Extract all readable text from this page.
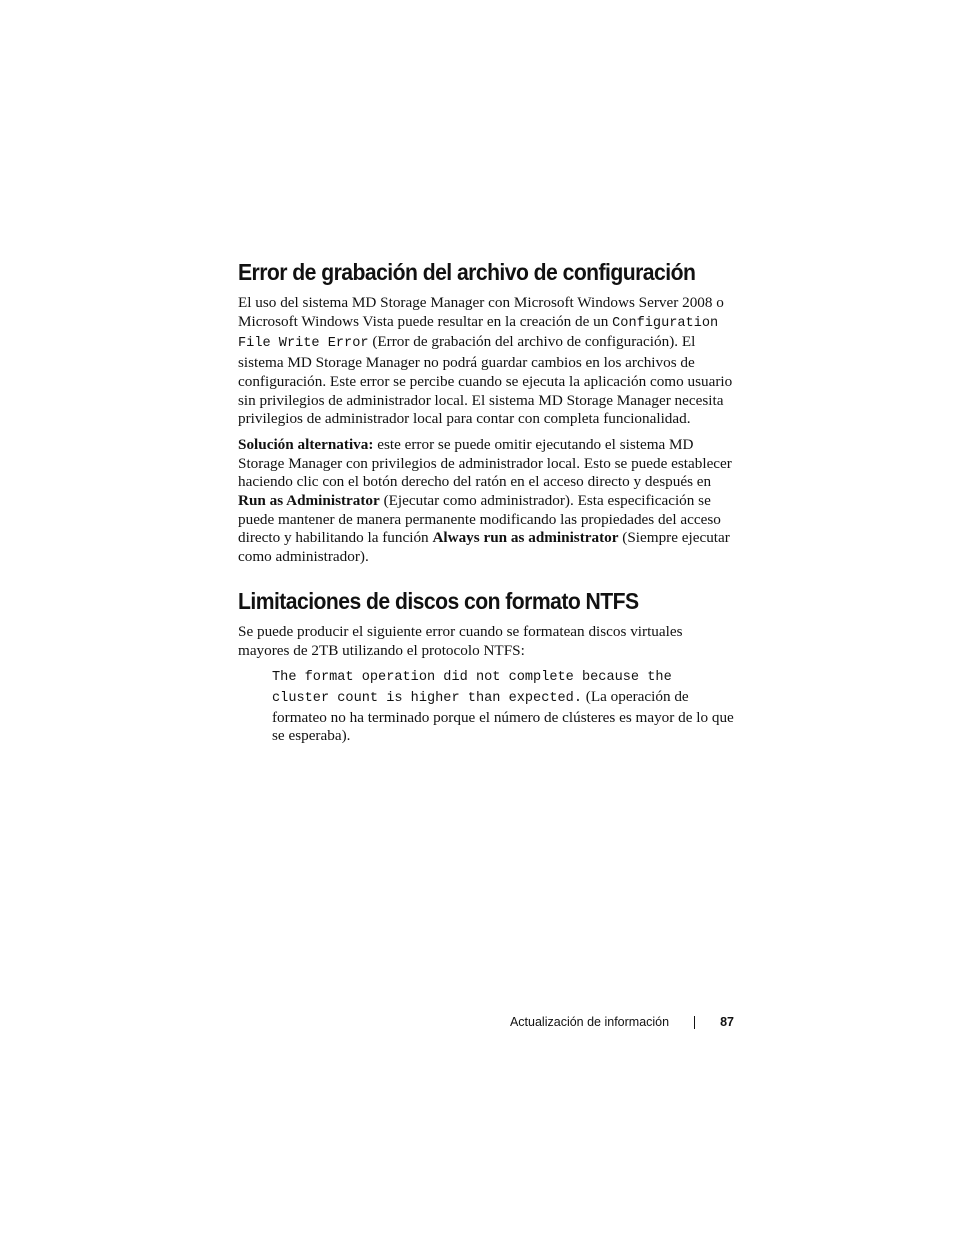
Error de grabación del archivo de configuración

El uso del sistema MD Storage Manager con Microsoft Windows Server 2008 o Microsoft Windows Vista puede resultar en la creación de un Configuration File Write Error (Error de grabación del archivo de configuración). El sistema MD Storage Manager no podrá guardar cambios en los archivos de configuración. Este error se percibe cuando se ejecuta la aplicación como usuario sin privilegios de administrador local. El sistema MD Storage Manager necesita privilegios de administrador local para contar con completa funcionalidad.

Solución alternativa: este error se puede omitir ejecutando el sistema MD Storage Manager con privilegios de administrador local. Esto se puede establecer haciendo clic con el botón derecho del ratón en el acceso directo y después en Run as Administrator (Ejecutar como administrador). Esta especificación se puede mantener de manera permanente modificando las propiedades del acceso directo y habilitando la función Always run as administrator (Siempre ejecutar como administrador).

Limitaciones de discos con formato NTFS

Se puede producir el siguiente error cuando se formatean discos virtuales mayores de 2TB utilizando el protocolo NTFS:

The format operation did not complete because the cluster count is higher than expected. (La operación de formateo no ha terminado porque el número de clústeres es mayor de lo que se esperaba).

Actualización de información	87
